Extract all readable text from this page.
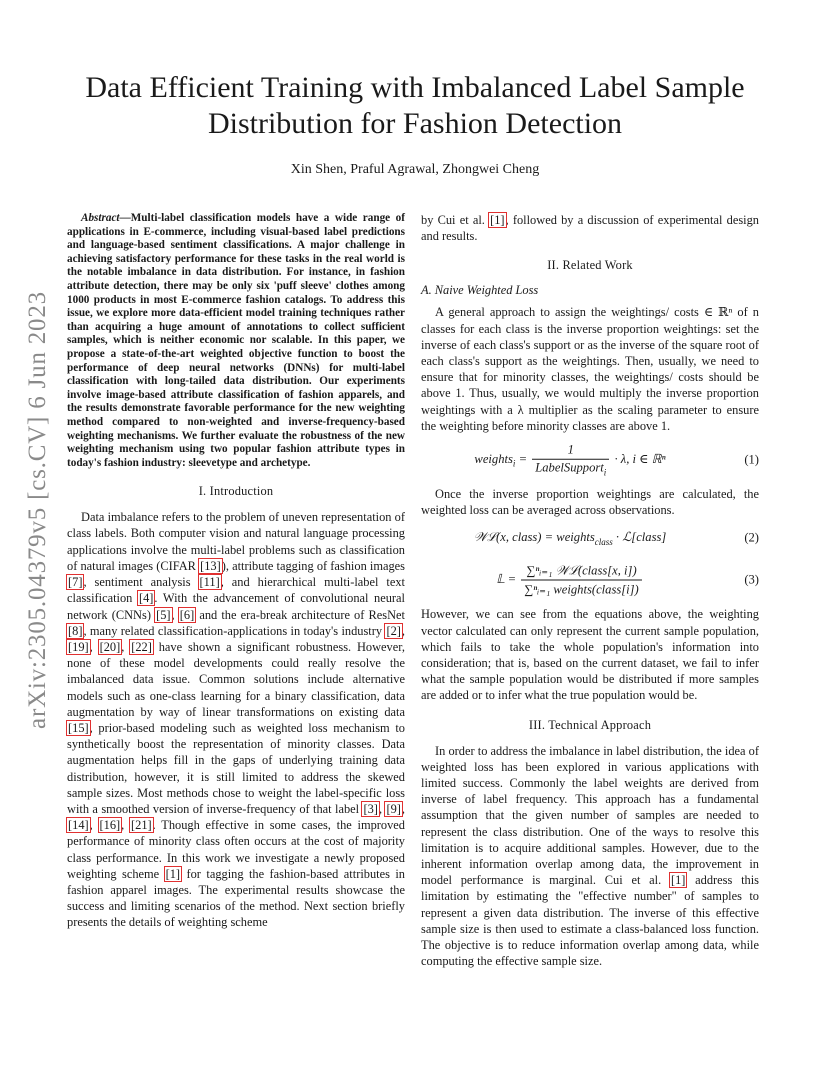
arXiv:2305.04379v5 [cs.CV] 6 Jun 2023
Data Efficient Training with Imbalanced Label Sample Distribution for Fashion Detection
Xin Shen, Praful Agrawal, Zhongwei Cheng

Abstract—Multi-label classification models have a wide range of applications in E-commerce, including visual-based label predictions and language-based sentiment classifications. A major challenge in achieving satisfactory performance for these tasks in the real world is the notable imbalance in data distribution. For instance, in fashion attribute detection, there may be only six 'puff sleeve' clothes among 1000 products in most E-commerce fashion catalogs. To address this issue, we explore more data-efficient model training techniques rather than acquiring a huge amount of annotations to collect sufficient samples, which is neither economic nor scalable. In this paper, we propose a state-of-the-art weighted objective function to boost the performance of deep neural networks (DNNs) for multi-label classification with long-tailed data distribution. Our experiments involve image-based attribute classification of fashion apparels, and the results demonstrate favorable performance for the new weighting method compared to non-weighted and inverse-frequency-based weighting mechanisms. We further evaluate the robustness of the new weighting mechanism using two popular fashion attribute types in today's fashion industry: sleevetype and archetype.

I. Introduction

Data imbalance refers to the problem of uneven representation of class labels. Both computer vision and natural language processing applications involve the multi-label problems such as classification of natural images (CIFAR [13]), attribute tagging of fashion images [7], sentiment analysis [11], and hierarchical multi-label text classification [4]. With the advancement of convolutional neural network (CNNs) [5], [6] and the era-break architecture of ResNet [8], many related classification-applications in today's industry [2], [19], [20], [22] have shown a significant robustness. However, none of these model developments could really resolve the imbalanced data issue. Common solutions include alternative models such as one-class learning for a binary classification, data augmentation by way of linear transformations on existing data [15], prior-based modeling such as weighted loss mechanism to synthetically boost the representation of minority classes. Data augmentation helps fill in the gaps of underlying training data distribution, however, it is still limited to address the skewed sample sizes. Most methods chose to weight the label-specific loss with a smoothed version of inverse-frequency of that label [3], [9], [14], [16], [21]. Though effective in some cases, the improved performance of minority class often occurs at the cost of majority class performance. In this work we investigate a newly proposed weighting scheme [1] for tagging the fashion-based attributes in fashion apparel images. The experimental results showcase the success and limiting scenarios of the method. Next section briefly presents the details of weighting scheme

by Cui et al. [1], followed by a discussion of experimental design and results.

II. Related Work
A. Naive Weighted Loss

A general approach to assign the weightings/ costs ∈ ℝⁿ of n classes for each class is the inverse proportion weightings: set the inverse of each class's support or as the inverse of the square root of each class's support as the weightings. Then, usually, we need to ensure that for minority classes, the weightings/ costs should be above 1. Thus, usually, we would multiply the inverse proportion weightings with a λ multiplier as the scaling parameter to ensure the weighting before minority classes are above 1.

weights$_i$ = $\frac{1}{LabelSupport_i} \cdot \lambda$, i ∈ ℝⁿ	(1)

Once the inverse proportion weightings are calculated, the weighted loss can be averaged across observations.

𝒲ℒ(x, class) = weights$_{class}$ · ℒ[class]	(2)
𝕃 = $\frac{\text{∑ⁿᵢ₌₁ 𝒲ℒ(class[x, i])}}{\text{∑ⁿᵢ₌₁ weights(class[i])}}$	(3)

However, we can see from the equations above, the weighting vector calculated can only represent the current sample population, which fails to take the whole population's information into consideration; that is, based on the current dataset, we fail to infer what the sample population would be distributed if more samples are added or to infer what the true population would be.

III. Technical Approach

In order to address the imbalance in label distribution, the idea of weighted loss has been explored in various applications with limited success. Commonly the label weights are derived from inverse of label frequency. This approach has a fundamental assumption that the given number of samples are needed to represent the class distribution. One of the ways to resolve this limitation is to acquire additional samples. However, due to the inherent information overlap among data, the improvement in model performance is marginal. Cui et al. [1] address this limitation by estimating the "effective number" of samples to represent a given data distribution. The inverse of this effective sample size is then used to estimate a class-balanced loss function. The objective is to reduce information overlap among data, while computing the effective sample size.
